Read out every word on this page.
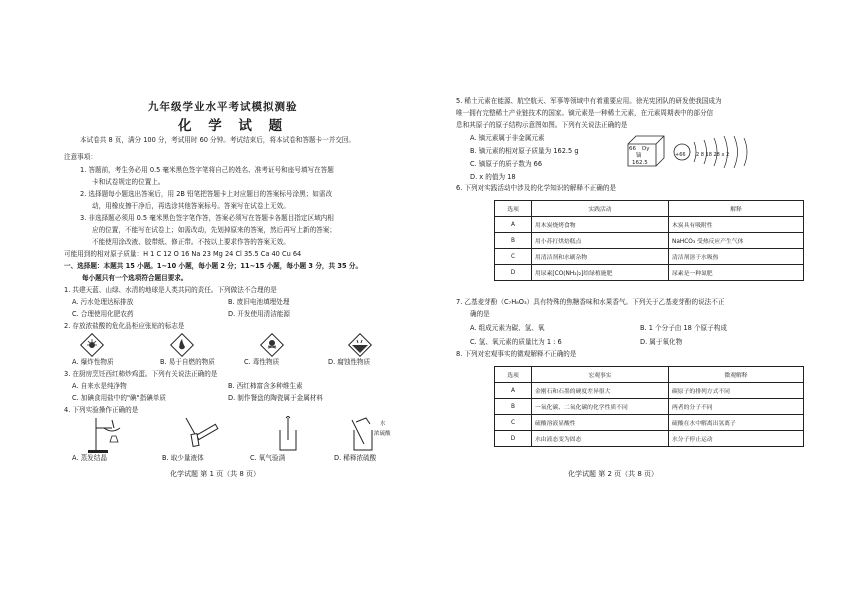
九年级学业水平考试模拟测验
化 学 试 题
本试卷共 8 页，满分 100 分，考试用时 60 分钟。考试结束后，将本试卷和答题卡一并交回。
注意事项：
1. 答题前，考生务必用 0.5 毫米黑色签字笔将自己的姓名、准考证号和座号填写在答题
卡和试卷规定的位置上。
2. 选择题每小题选出答案后，用 2B 铅笔把答题卡上对应题目的答案标号涂黑；如需改
动，用橡皮擦干净后，再选涂其他答案标号。答案写在试卷上无效。
3. 非选择题必须用 0.5 毫米黑色签字笔作答，答案必须写在答题卡各题目指定区域内相
应的位置，不能写在试卷上；如需改动，先划掉原来的答案，然后再写上新的答案；
不能使用涂改液、胶带纸、修正带。不按以上要求作答的答案无效。
可能用到的相对原子质量：H 1 C 12 O 16 Na 23 Mg 24 Cl 35.5 Ca 40 Cu 64
一、选择题：本题共 15 小题。1~10 小题，每小题 2 分；11~15 小题，每小题 3 分，共 35 分。
每小题只有一个选项符合题目要求。
1. 共建天蓝、山绿、水清的地球是人类共同的责任。下列做法不合理的是
A. 污水处理达标排放	B. 废旧电池填埋处理
C. 合理使用化肥农药	D. 开发使用清洁能源
2. 存放浓盐酸的危化品柜应张贴的标志是
A. 爆炸性物质	B. 易于自燃的物质	C. 毒性物质	D. 腐蚀性物质
3. 在厨房烹饪西红柿炒鸡蛋。下列有关说法正确的是
A. 自来水是纯净物	B. 西红柿富含多种维生素
C. 加碘食用盐中的"碘"指碘单质	D. 制作餐盘的陶瓷属于金属材料
4. 下列实验操作正确的是
水
浓硫酸
A. 蒸发结晶	B. 取少量液体	C. 氧气验满	D. 稀释浓硫酸
化学试题 第 1 页（共 8 页）
5. 稀土元素在能源、航空航天、军事等领域中有着重要应用。徐光宪团队的研发使我国成为
唯一拥有完整稀土产业链技术的国家。镝元素是一种稀土元素，在元素周期表中的部分信
息和其原子的原子结构示意图如图。下列有关说法正确的是
A. 镝元素属于非金属元素
B. 镝元素的相对原子质量为 162.5 g
C. 镝原子的质子数为 66
D. x 的值为 18
66 Dy
镝
162.5
+66 2 8 18 28 x 2
6. 下列对实践活动中涉及的化学知识的解释不正确的是
选项	实践活动	解释
A	用木炭烧烤食物	木炭具有吸附性
B	用小苏打烘焙糕点	NaHCO₃ 受热反应产生气体
C	用清洁剂和水刷杂物	清洁剂溶于水吸热
D	用尿素[CO(NH₂)₂]给绿植施肥	尿素是一种氮肥
7. 乙基麦芽酚（C₇H₈O₃）具有特殊的焦糖香味和水果香气。下列关于乙基麦芽酚的说法不正
确的是
A. 组成元素为碳、氢、氧	B. 1 个分子由 18 个原子构成
C. 氢、氧元素的质量比为 1 : 6	D. 属于氧化物
8. 下列对宏观事实的微观解释不正确的是
选项	宏观事实	微观解释
A	金刚石和石墨的硬度差异很大	碳原子的排列方式不同
B	一氧化碳、二氧化碳的化学性质不同	两者的分子不同
C	硫酸溶液显酸性	硫酸在水中解离出氢离子
D	水由液态变为固态	水分子停止运动
化学试题 第 2 页（共 8 页）
